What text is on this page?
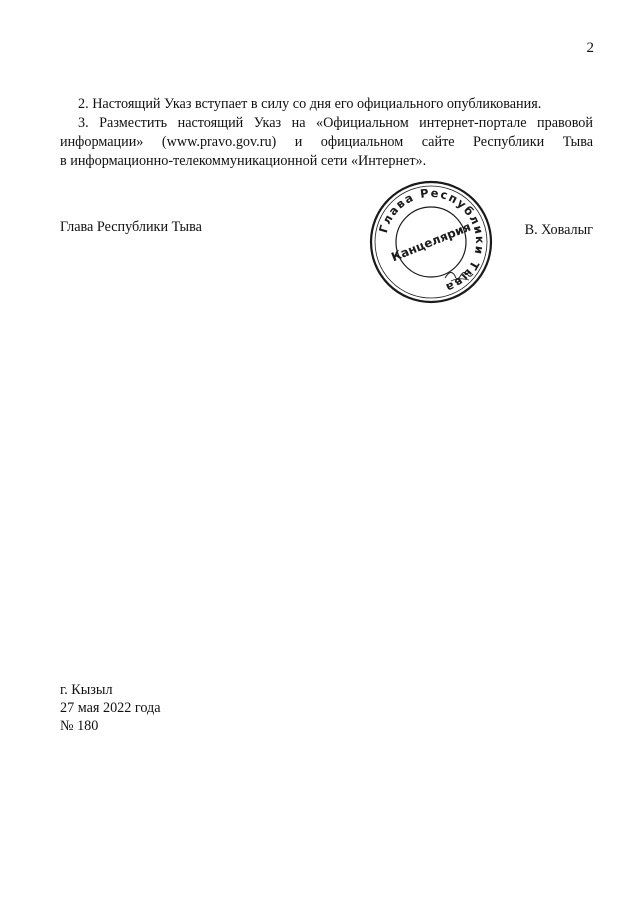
2

2. Настоящий Указ вступает в силу со дня его официального опубликования.

3. Разместить настоящий Указ на «Официальном интернет-портале правовой

информации» (www.pravo.gov.ru) и официальном сайте Республики Тыва

в информационно-телекоммуникационной сети «Интернет».

Глава Республики Тыва	Глава Республики Тыва
Канцелярия	В. Ховалыг
г. Кызыл
27 мая 2022 года
№ 180
